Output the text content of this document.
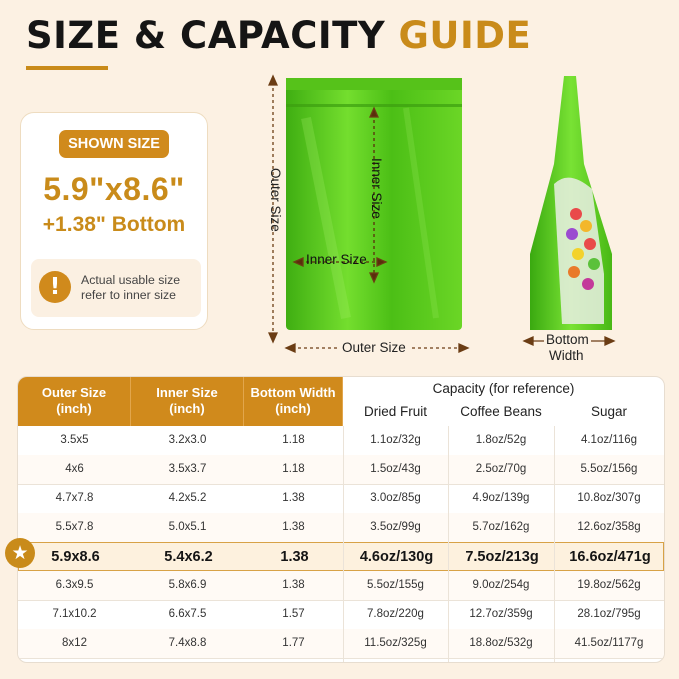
SIZE & CAPACITY GUIDE
SHOWN SIZE
5.9"x8.6"
+1.38" Bottom
!	Actual usable size refer to inner size
Outer Size
Outer Size
Inner Size
Inner Size
Bottom
Width
Outer Size
(inch)
Inner Size
(inch)
Bottom Width
(inch)
Capacity (for reference)
Dried Fruit	Coffee Beans	Sugar
3.5x5	3.2x3.0	1.18	1.1oz/32g	1.8oz/52g	4.1oz/116g
4x6	3.5x3.7	1.18	1.5oz/43g	2.5oz/70g	5.5oz/156g
4.7x7.8	4.2x5.2	1.38	3.0oz/85g	4.9oz/139g	10.8oz/307g
5.5x7.8	5.0x5.1	1.38	3.5oz/99g	5.7oz/162g	12.6oz/358g
5.9x8.6	5.4x6.2	1.38	4.6oz/130g	7.5oz/213g	16.6oz/471g
6.3x9.5	5.8x6.9	1.38	5.5oz/155g	9.0oz/254g	19.8oz/562g
7.1x10.2	6.6x7.5	1.57	7.8oz/220g	12.7oz/359g	28.1oz/795g
8x12	7.4x8.8	1.77	11.5oz/325g	18.8oz/532g	41.5oz/1177g
★
